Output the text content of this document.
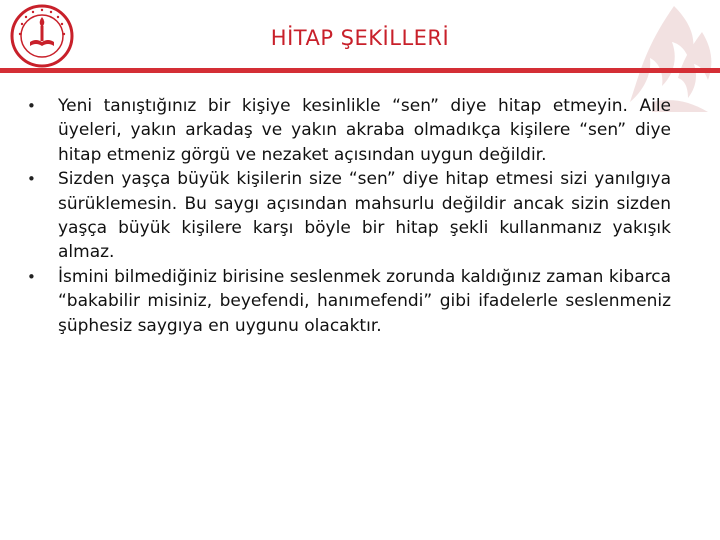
HİTAP ŞEKİLLERİ
• Yeni tanıştığınız bir kişiye kesinlikle “sen” diye hitap etmeyin. Aile üyeleri, yakın arkadaş ve yakın akraba olmadıkça kişilere “sen” diye hitap etmeniz görgü ve nezaket açısından uygun değildir.
• Sizden yaşça büyük kişilerin size “sen” diye hitap etmesi sizi yanılgıya sürüklemesin. Bu saygı açısından mahsurlu değildir ancak sizin sizden yaşça büyük kişilere karşı böyle bir hitap şekli kullanmanız yakışık almaz.
• İsmini bilmediğiniz birisine seslenmek zorunda kaldığınız zaman kibarca “bakabilir misiniz, beyefendi, hanımefendi” gibi ifadelerle seslenmeniz şüphesiz saygıya en uygunu olacaktır.
